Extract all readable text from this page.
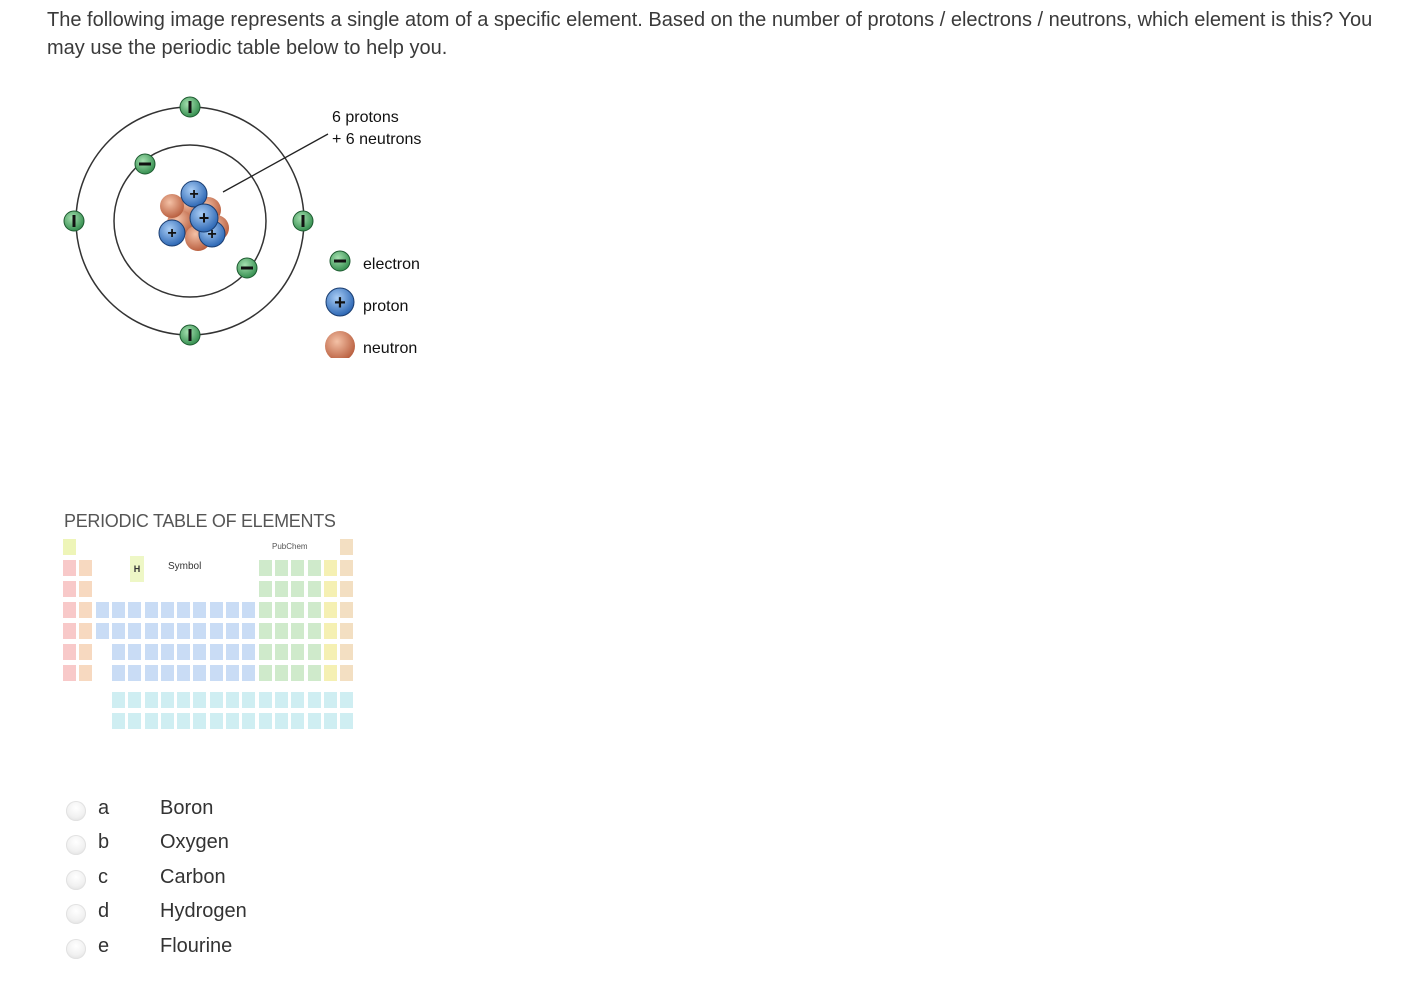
The following image represents a single atom of a specific element. Based on the number of protons / electrons / neutrons, which element is this? You may use the periodic table below to help you.
+
+ +
+
6 protons
+ 6 neutrons
electron
+ proton
neutron
PERIODIC TABLE OF ELEMENTS
PubChem
H	Symbol
a	Boron
b	Oxygen
c	Carbon
d	Hydrogen
e	Flourine
